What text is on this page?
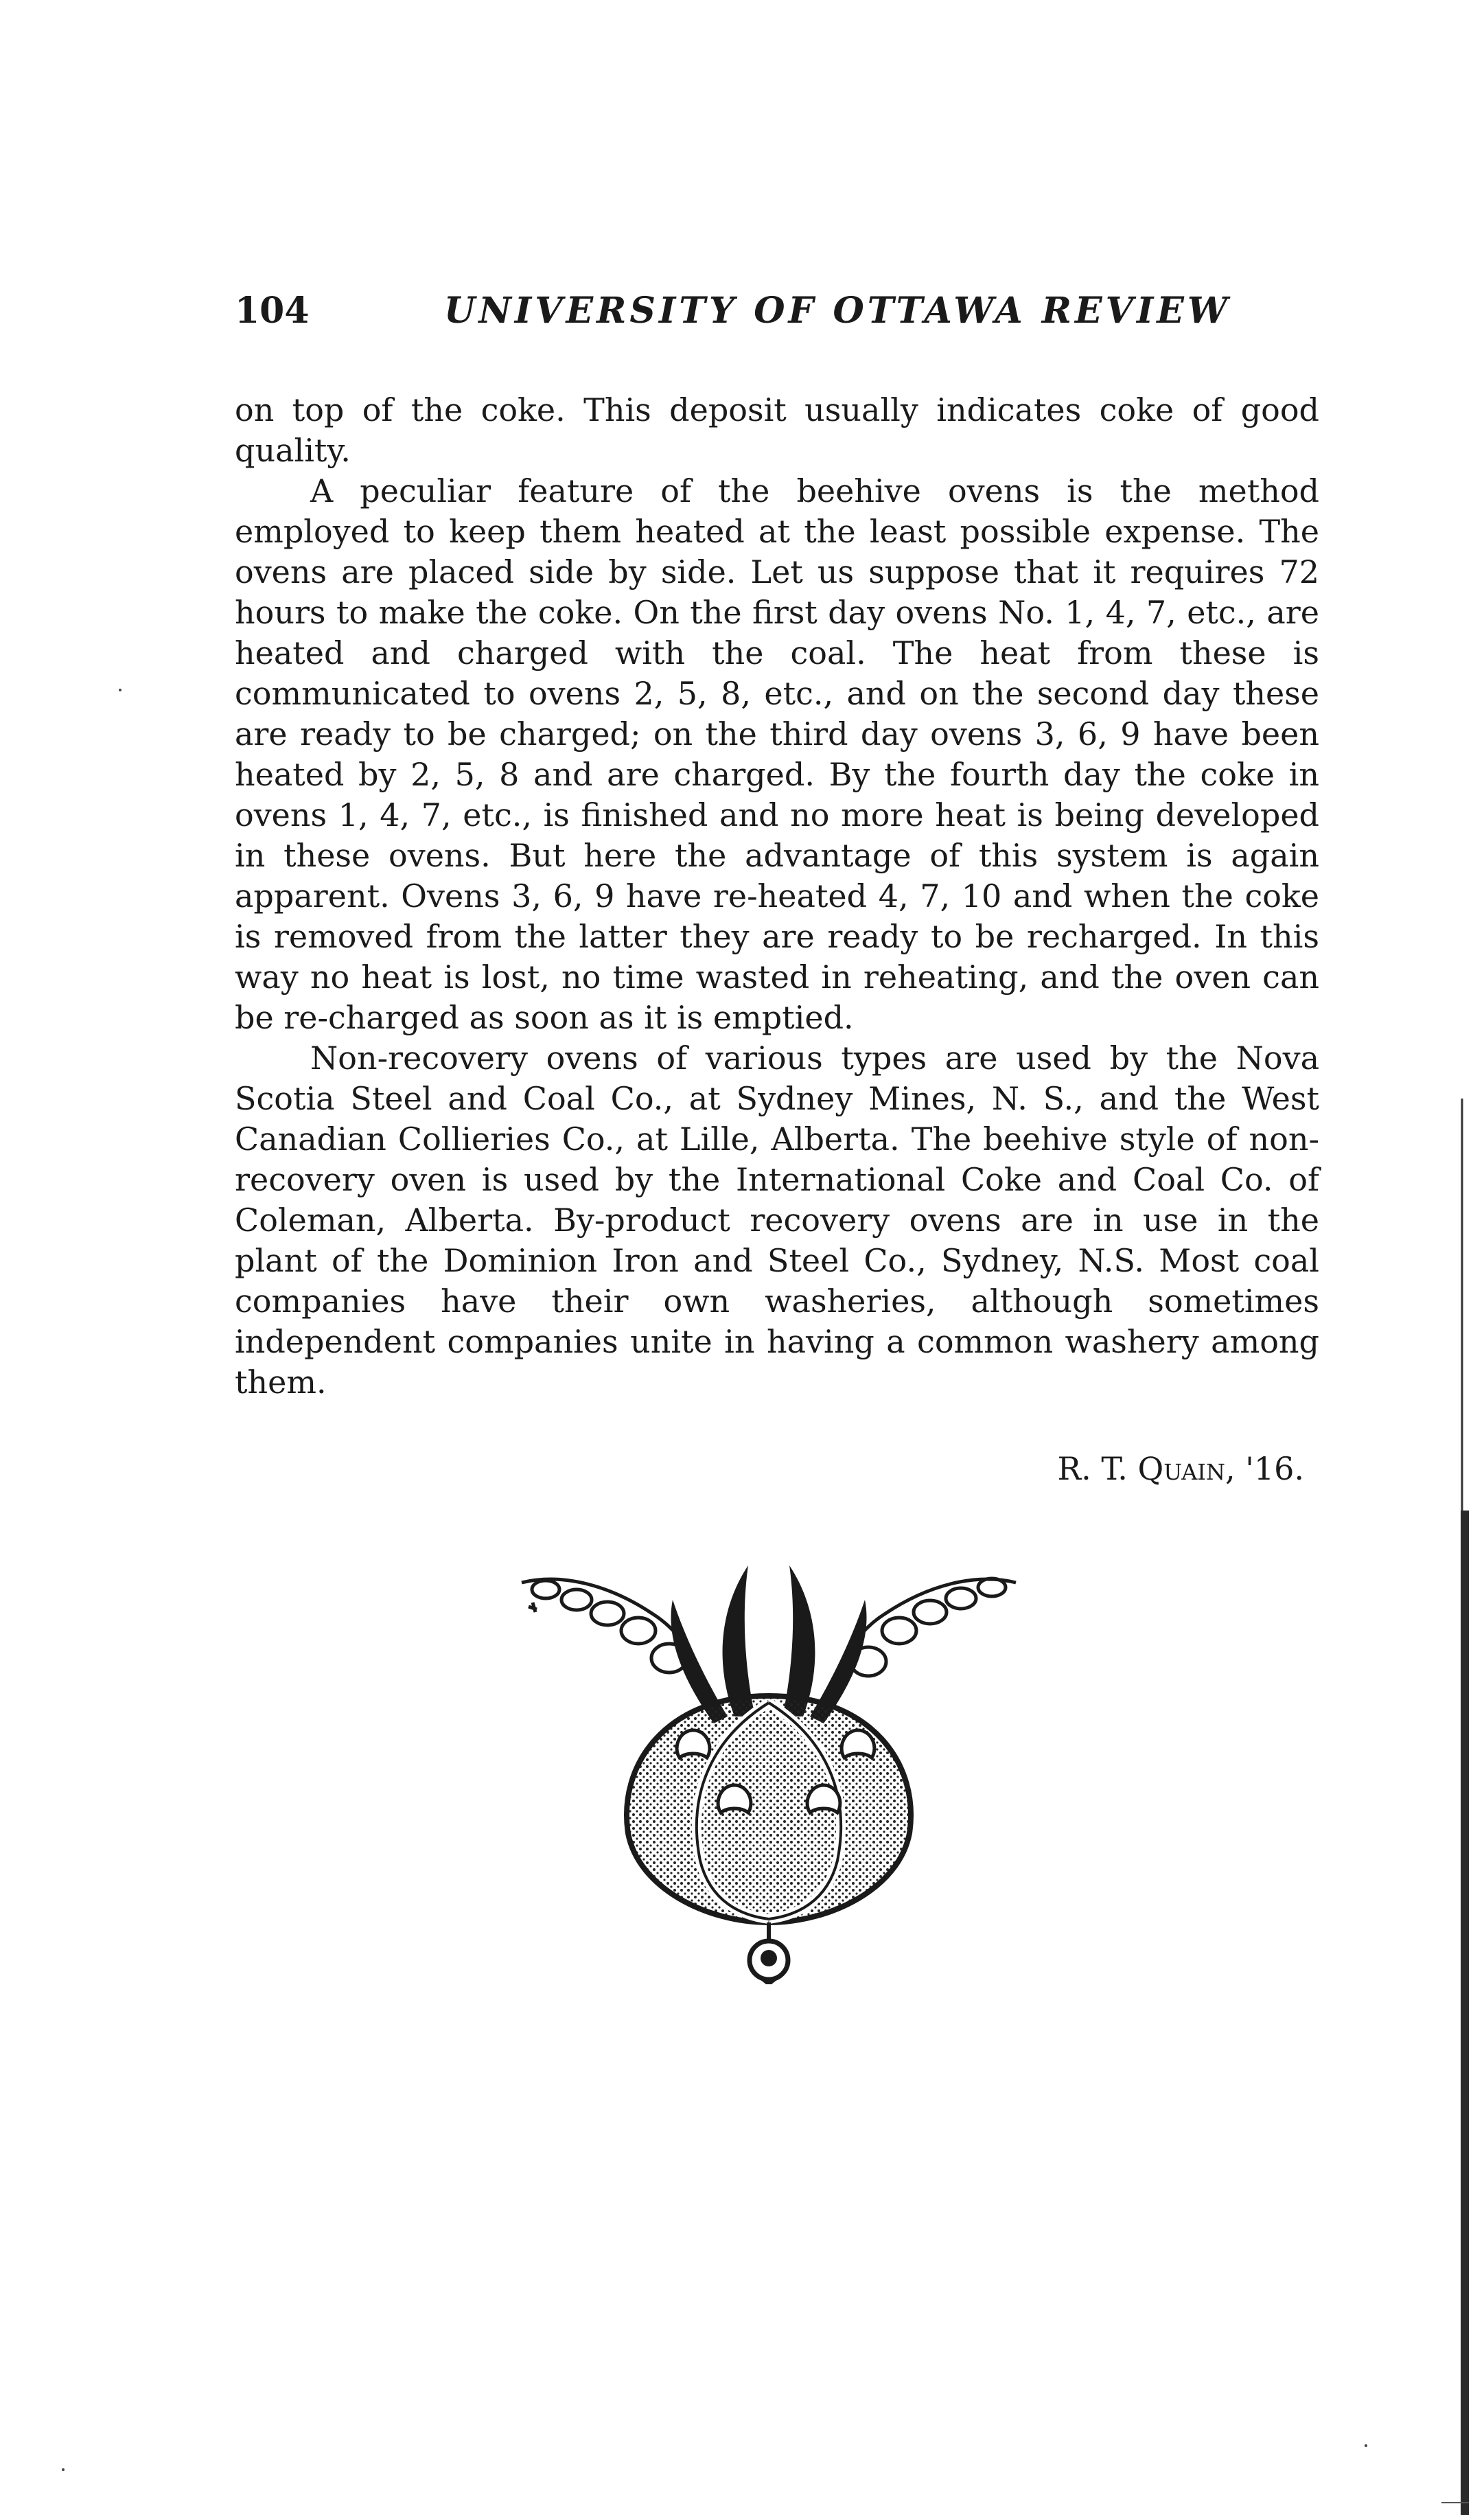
104	UNIVERSITY OF OTTAWA REVIEW

on top of the coke. This deposit usually indicates coke of good quality.

A peculiar feature of the beehive ovens is the method employed to keep them heated at the least possible expense. The ovens are placed side by side. Let us suppose that it requires 72 hours to make the coke. On the first day ovens No. 1, 4, 7, etc., are heated and charged with the coal. The heat from these is communicated to ovens 2, 5, 8, etc., and on the second day these are ready to be charged; on the third day ovens 3, 6, 9 have been heated by 2, 5, 8 and are charged. By the fourth day the coke in ovens 1, 4, 7, etc., is finished and no more heat is being developed in these ovens. But here the advantage of this system is again apparent. Ovens 3, 6, 9 have re-heated 4, 7, 10 and when the coke is removed from the latter they are ready to be recharged. In this way no heat is lost, no time wasted in reheating, and the oven can be re-charged as soon as it is emptied.

Non-recovery ovens of various types are used by the Nova Scotia Steel and Coal Co., at Sydney Mines, N. S., and the West Canadian Collieries Co., at Lille, Alberta. The beehive style of non-recovery oven is used by the International Coke and Coal Co. of Coleman, Alberta. By-product recovery ovens are in use in the plant of the Dominion Iron and Steel Co., Sydney, N.S. Most coal companies have their own washeries, although sometimes independent companies unite in having a common washery among them.

R. T. Quain, '16.
